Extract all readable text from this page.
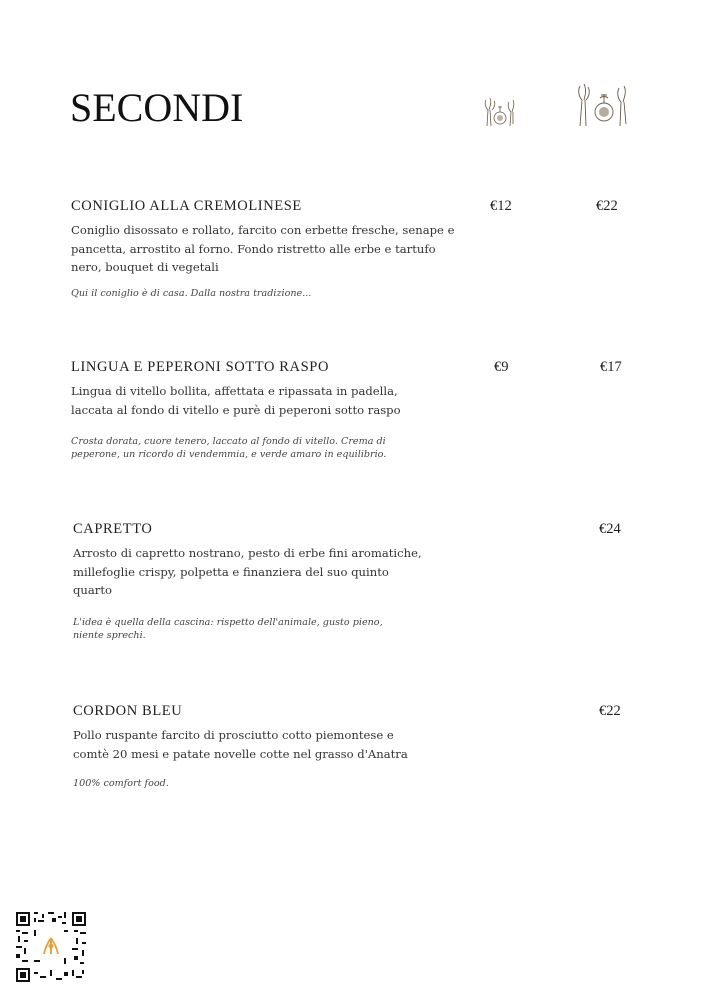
SECONDI

CONIGLIO ALLA CREMOLINESE

Coniglio disossato e rollato, farcito con erbette fresche, senape e pancetta, arrostito al forno. Fondo ristretto alle erbe e tartufo nero, bouquet di vegetali

Qui il coniglio è di casa. Dalla nostra tradizione...

€12	€22

LINGUA E PEPERONI SOTTO RASPO

Lingua di vitello bollita, affettata e ripassata in padella, laccata al fondo di vitello e purè di peperoni sotto raspo

Crosta dorata, cuore tenero, laccato al fondo di vitello. Crema di peperone, un ricordo di vendemmia, e verde amaro in equilibrio.

€9	€17

CAPRETTO

Arrosto di capretto nostrano, pesto di erbe fini aromatiche, millefoglie crispy, polpetta e finanziera del suo quinto quarto

L'idea è quella della cascina: rispetto dell'animale, gusto pieno, niente sprechi.

€24

CORDON BLEU

Pollo ruspante farcito di prosciutto cotto piemontese e comtè 20 mesi e patate novelle cotte nel grasso d'Anatra

100% comfort food.

€22
